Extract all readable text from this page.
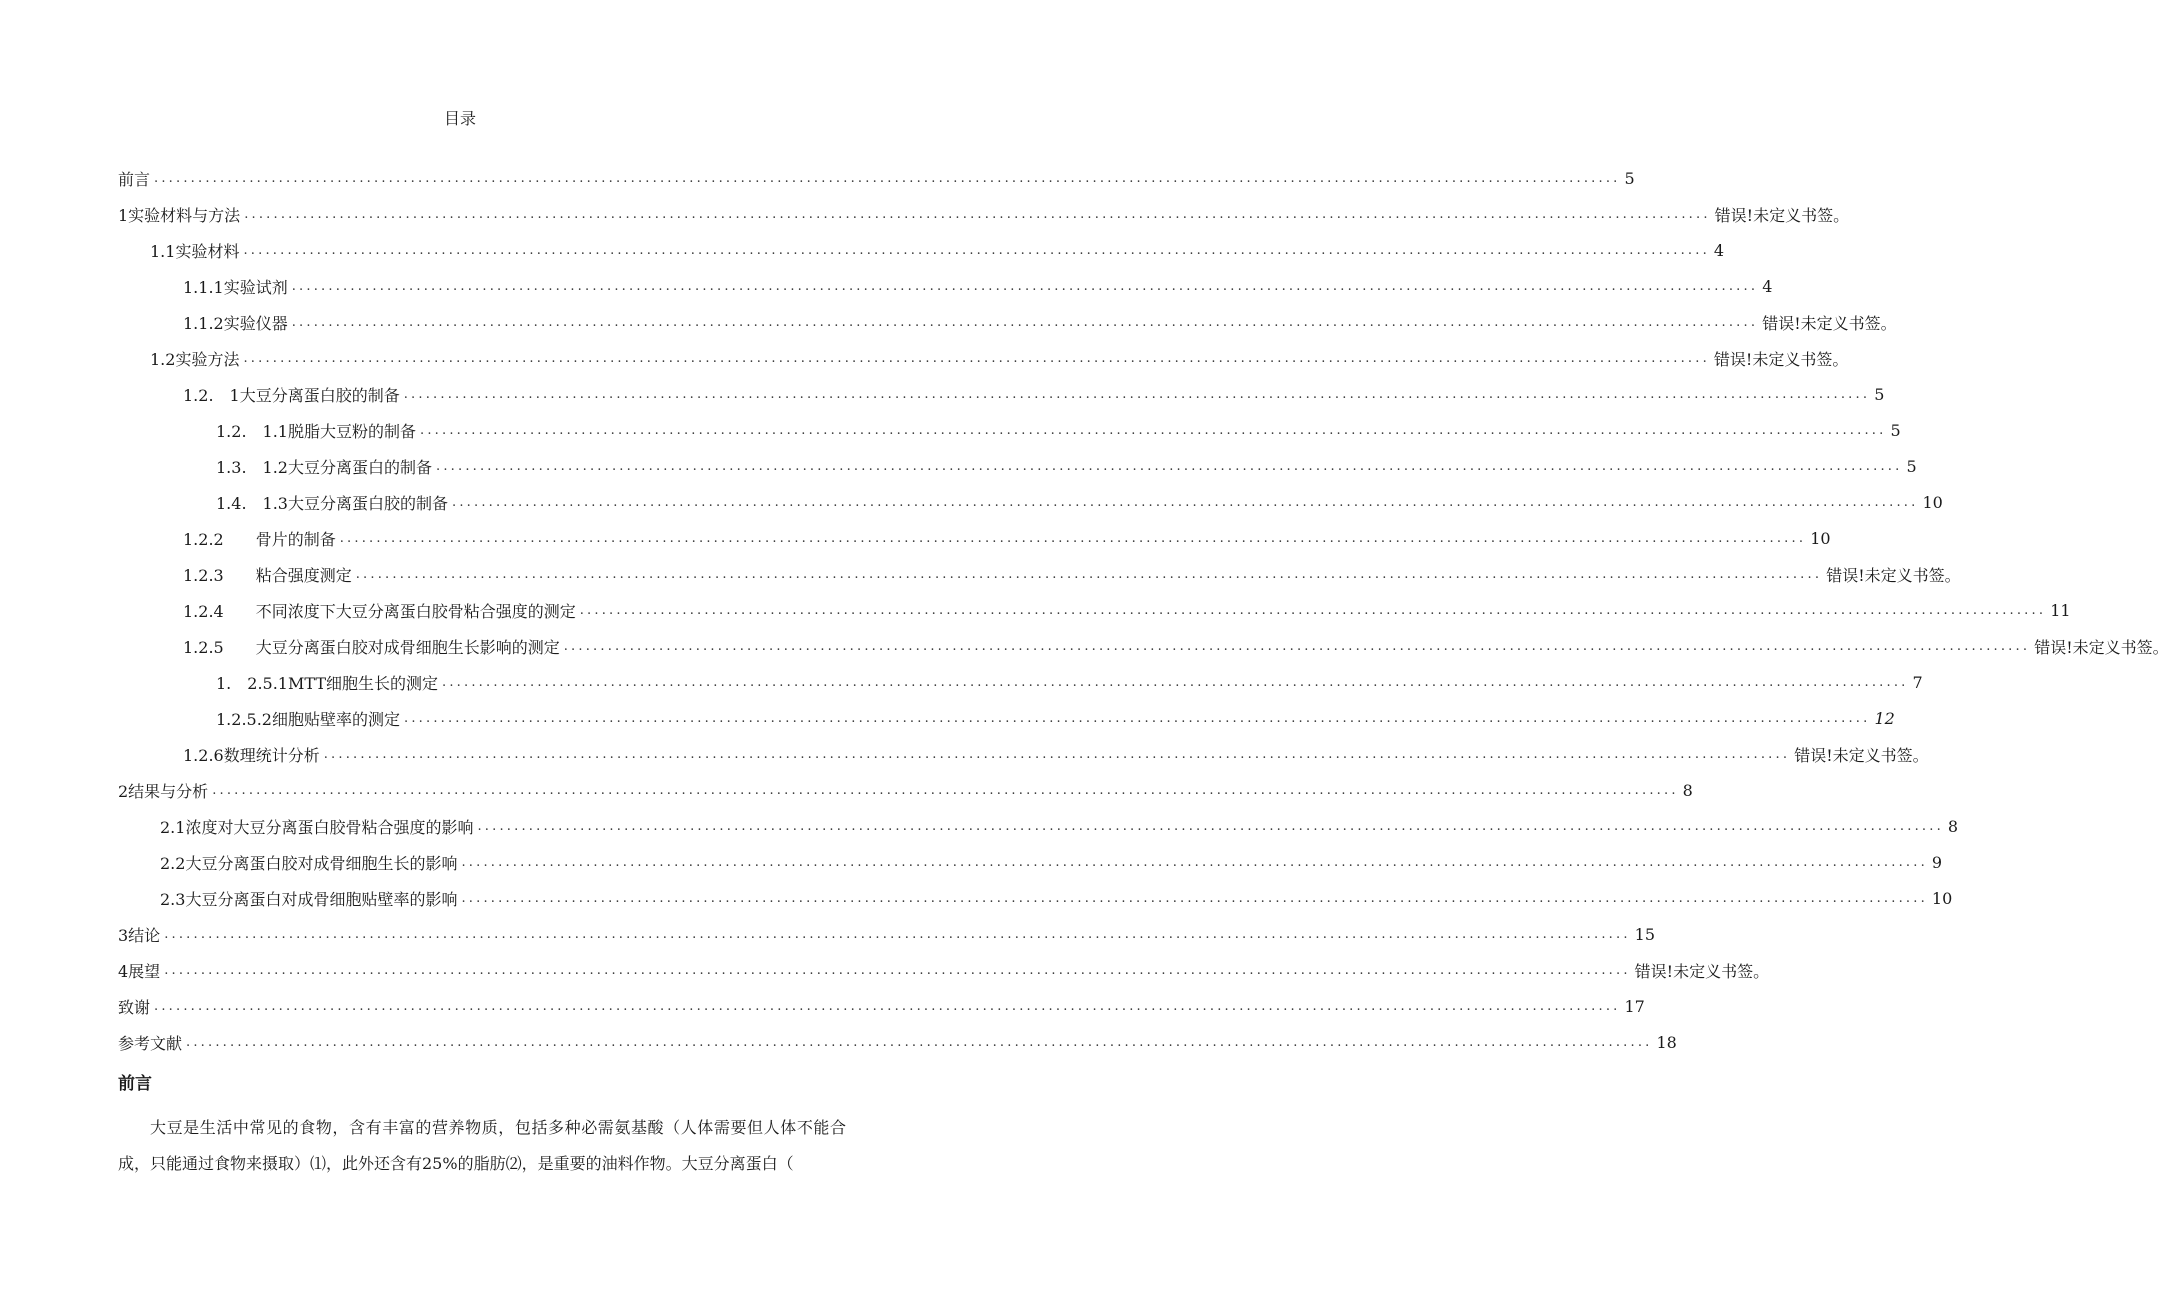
目录
前言 ........................................................................................................................................................................................................ 5
1实验材料与方法 ........................................................................................................................................................................................................ 错误!未定义书签。
1.1实验材料 ........................................................................................................................................................................................................ 4
1.1.1实验试剂 ........................................................................................................................................................................................................ 4
1.1.2实验仪器 ........................................................................................................................................................................................................ 错误!未定义书签。
1.2实验方法 ........................................................................................................................................................................................................ 错误!未定义书签。
1.2.　1大豆分离蛋白胶的制备 ........................................................................................................................................................................................................ 5
1.2.　1.1脱脂大豆粉的制备 ........................................................................................................................................................................................................ 5
1.3.　1.2大豆分离蛋白的制备 ........................................................................................................................................................................................................ 5
1.4.　1.3大豆分离蛋白胶的制备 ........................................................................................................................................................................................................ 10
1.2.2　　骨片的制备 ........................................................................................................................................................................................................ 10
1.2.3　　粘合强度测定 ........................................................................................................................................................................................................ 错误!未定义书签。
1.2.4　　不同浓度下大豆分离蛋白胶骨粘合强度的测定 ........................................................................................................................................................................................................ 11
1.2.5　　大豆分离蛋白胶对成骨细胞生长影响的测定 ........................................................................................................................................................................................................ 错误!未定义书签。
1.　2.5.1MTT细胞生长的测定 ........................................................................................................................................................................................................ 7
1.2.5.2细胞贴壁率的测定 ........................................................................................................................................................................................................ 12
1.2.6数理统计分析 ........................................................................................................................................................................................................ 错误!未定义书签。
2结果与分析 ........................................................................................................................................................................................................ 8
2.1浓度对大豆分离蛋白胶骨粘合强度的影响 ........................................................................................................................................................................................................ 8
2.2大豆分离蛋白胶对成骨细胞生长的影响 ........................................................................................................................................................................................................ 9
2.3大豆分离蛋白对成骨细胞贴壁率的影响 ........................................................................................................................................................................................................ 10
3结论 ........................................................................................................................................................................................................ 15
4展望 ........................................................................................................................................................................................................ 错误!未定义书签。
致谢 ........................................................................................................................................................................................................ 17
参考文献 ........................................................................................................................................................................................................ 18
前言
大豆是生活中常见的食物，含有丰富的营养物质，包括多种必需氨基酸（人体需要但人体不能合成，只能通过食物来摄取）⑴，此外还含有25%的脂肪⑵，是重要的油料作物。大豆分离蛋白（
